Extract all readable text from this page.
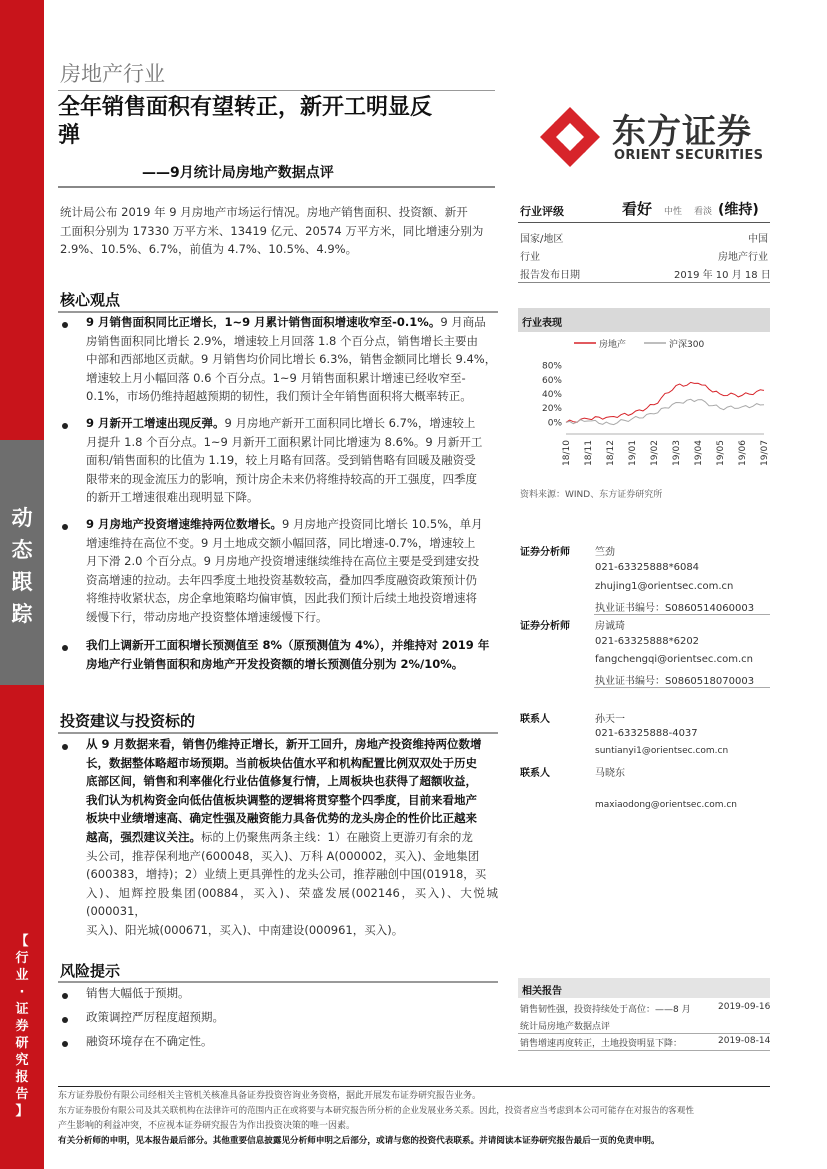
动
态
跟
踪
【
行
业
·
证
券
研
究
报
告
】
房地产行业
全年销售面积有望转正，新开工明显反
弹
——9月统计局房地产数据点评
东方证券
ORIENT SECURITIES
统计局公布 2019 年 9 月房地产市场运行情况。房地产销售面积、投资额、新开
工面积分别为 17330 万平方米、13419 亿元、20574 万平方米，同比增速分别为
2.9%、10.5%、6.7%，前值为 4.7%、10.5%、4.9%。
核心观点
9 月销售面积同比正增长，1~9 月累计销售面积增速收窄至-0.1%。9 月商品
房销售面积同比增长 2.9%，增速较上月回落 1.8 个百分点，销售增长主要由
中部和西部地区贡献。9 月销售均价同比增长 6.3%，销售金额同比增长 9.4%，
增速较上月小幅回落 0.6 个百分点。1~9 月销售面积累计增速已经收窄至-
0.1%，市场仍维持超越预期的韧性，我们预计全年销售面积将大概率转正。
9 月新开工增速出现反弹。9 月房地产新开工面积同比增长 6.7%，增速较上
月提升 1.8 个百分点。1~9 月新开工面积累计同比增速为 8.6%。9 月新开工
面积/销售面积的比值为 1.19，较上月略有回落。受到销售略有回暖及融资受
限带来的现金流压力的影响，预计房企未来仍将维持较高的开工强度，四季度
的新开工增速很难出现明显下降。
9 月房地产投资增速维持两位数增长。9 月房地产投资同比增长 10.5%，单月
增速维持在高位不变。9 月土地成交额小幅回落，同比增速-0.7%，增速较上
月下滑 2.0 个百分点。9 月房地产投资增速继续维持在高位主要是受到建安投
资高增速的拉动。去年四季度土地投资基数较高，叠加四季度融资政策预计仍
将维持收紧状态，房企拿地策略均偏审慎，因此我们预计后续土地投资增速将
缓慢下行，带动房地产投资整体增速缓慢下行。
我们上调新开工面积增长预测值至 8%（原预测值为 4%），并维持对 2019 年
房地产行业销售面积和房地产开发投资额的增长预测值分别为 2%/10%。
投资建议与投资标的
从 9 月数据来看，销售仍维持正增长，新开工回升，房地产投资维持两位数增
长，数据整体略超市场预期。当前板块估值水平和机构配置比例双双处于历史
底部区间，销售和利率催化行业估值修复行情，上周板块也获得了超额收益，
我们认为机构资金向低估值板块调整的逻辑将贯穿整个四季度，目前来看地产
板块中业绩增速高、确定性强及融资能力具备优势的龙头房企的性价比正越来
越高，强烈建议关注。标的上仍聚焦两条主线：1）在融资上更游刃有余的龙
头公司，推荐保利地产(600048，买入)、万科 A(000002，买入)、金地集团
(600383，增持)；2）业绩上更具弹性的龙头公司，推荐融创中国(01918，买
入)、旭辉控股集团(00884，买入)、荣盛发展(002146，买入)、大悦城(000031，
买入)、阳光城(000671，买入)、中南建设(000961，买入)。
风险提示
销售大幅低于预期。
政策调控严厉程度超预期。
融资环境存在不确定性。
行业评级	看好 中性 看淡 (维持)
国家/地区	中国
行业	房地产行业
报告发布日期	2019 年 10 月 18 日
行业表现
房地产	沪深300
80%
60%
40%
20%
0%
18/10 18/11 18/12 19/01 19/02 19/03 19/04 19/05 19/06 19/07
资料来源：WIND、东方证券研究所
证券分析师	竺劲
021-63325888*6084
zhujing1@orientsec.com.cn
执业证书编号：S0860514060003
证券分析师	房诚琦
021-63325888*6202
fangchengqi@orientsec.com.cn
执业证书编号：S0860518070003
联系人	孙天一
021-63325888-4037
suntianyi1@orientsec.com.cn
联系人	马晓东
maxiaodong@orientsec.com.cn
相关报告
销售韧性强，投资持续处于高位：——8 月	2019-09-16
统计局房地产数据点评
销售增速再度转正，土地投资明显下降：	2019-08-14
东方证券股份有限公司经相关主管机关核准具备证券投资咨询业务资格，据此开展发布证券研究报告业务。
东方证券股份有限公司及其关联机构在法律许可的范围内正在或将要与本研究报告所分析的企业发展业务关系。因此，投资者应当考虑到本公司可能存在对报告的客观性
产生影响的利益冲突，不应视本证券研究报告为作出投资决策的唯一因素。
有关分析师的申明，见本报告最后部分。其他重要信息披露见分析师申明之后部分，或请与您的投资代表联系。并请阅读本证券研究报告最后一页的免责申明。
